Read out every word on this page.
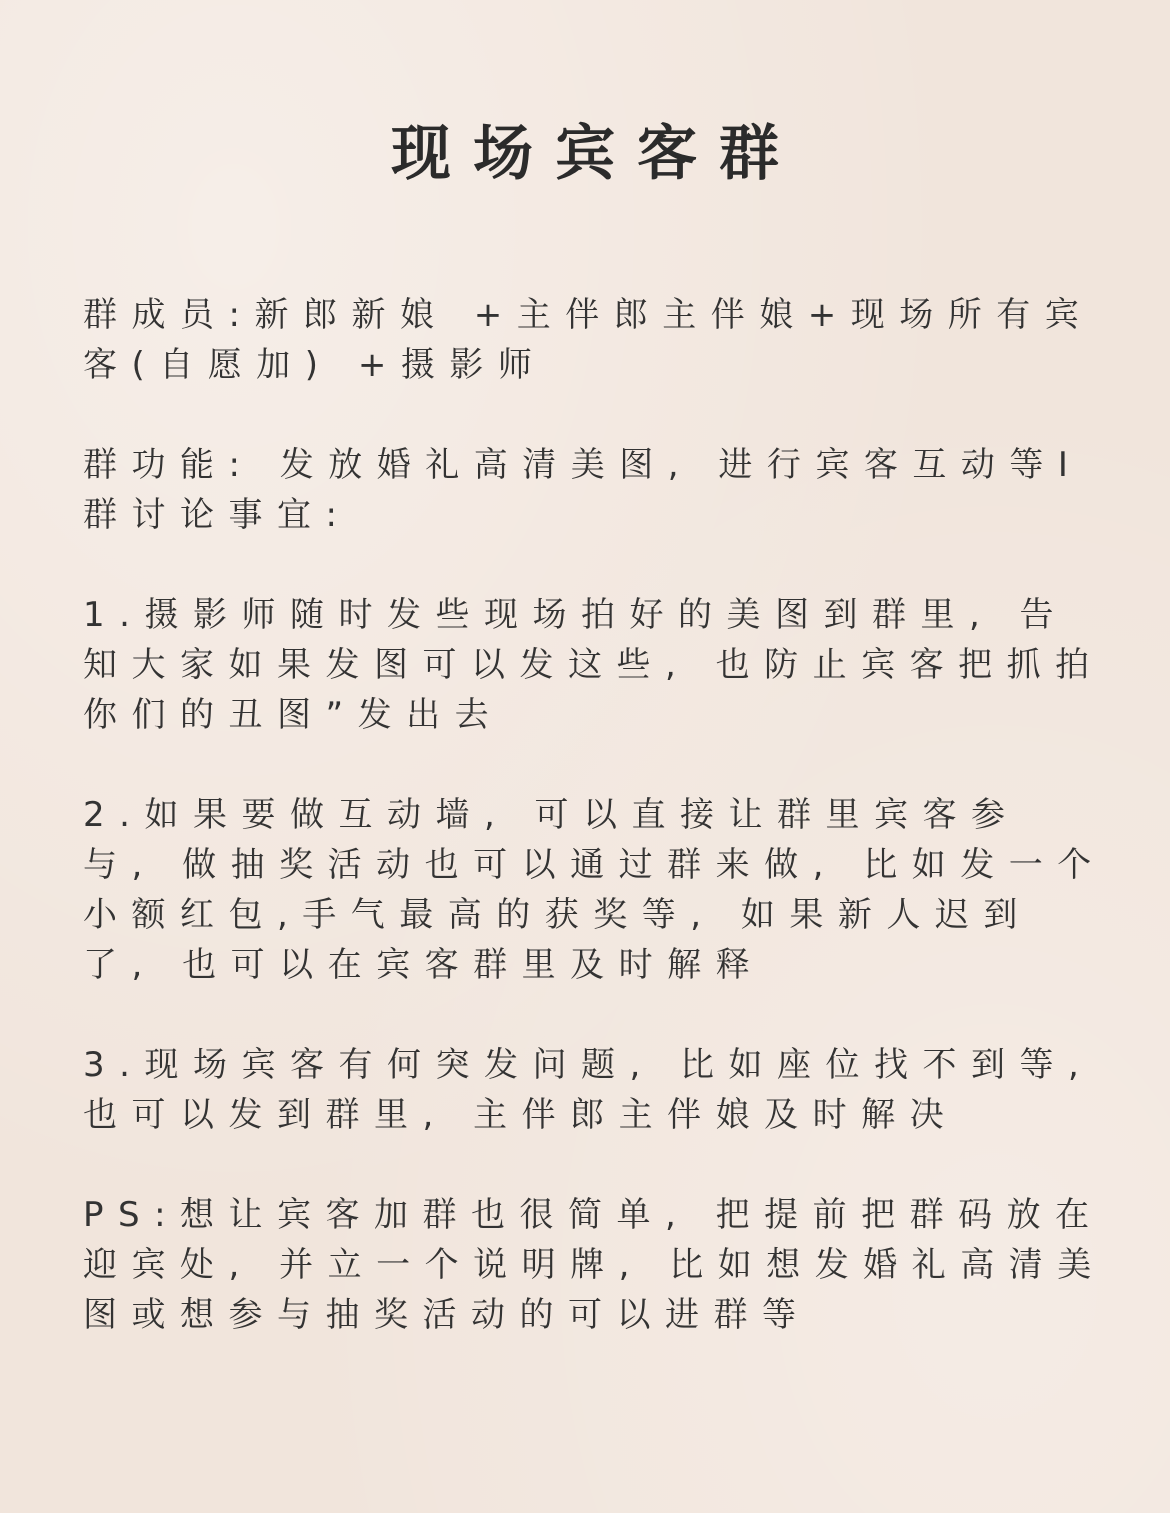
现场宾客群

群成员:新郎新娘 +主伴郎主伴娘+现场所有宾客(自愿加) +摄影师

群功能: 发放婚礼高清美图, 进行宾客互动等I群讨论事宜:

1.摄影师随时发些现场拍好的美图到群里, 告知大家如果发图可以发这些, 也防止宾客把抓拍你们的丑图”发出去

2.如果要做互动墙, 可以直接让群里宾客参
与, 做抽奖活动也可以通过群来做, 比如发一个小额红包,手气最高的获奖等, 如果新人迟到
了, 也可以在宾客群里及时解释

3.现场宾客有何突发问题, 比如座位找不到等,也可以发到群里, 主伴郎主伴娘及时解决

PS:想让宾客加群也很简单, 把提前把群码放在迎宾处, 并立一个说明牌, 比如想发婚礼高清美图或想参与抽奖活动的可以进群等
